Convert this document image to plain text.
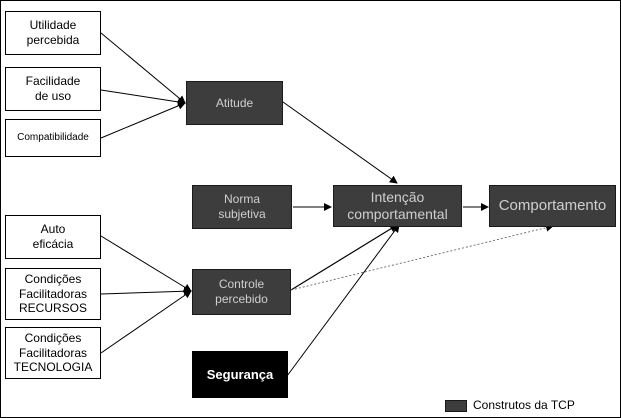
Utilidade
percebida
Facilidade
de uso
Compatibilidade
Auto
eficácia
Condições
Facilitadoras
RECURSOS
Condições
Facilitadoras
TECNOLOGIA
Atitude
Norma
subjetiva
Controle
percebido
Intenção
comportamental
Comportamento
Segurança
Construtos da TCP
